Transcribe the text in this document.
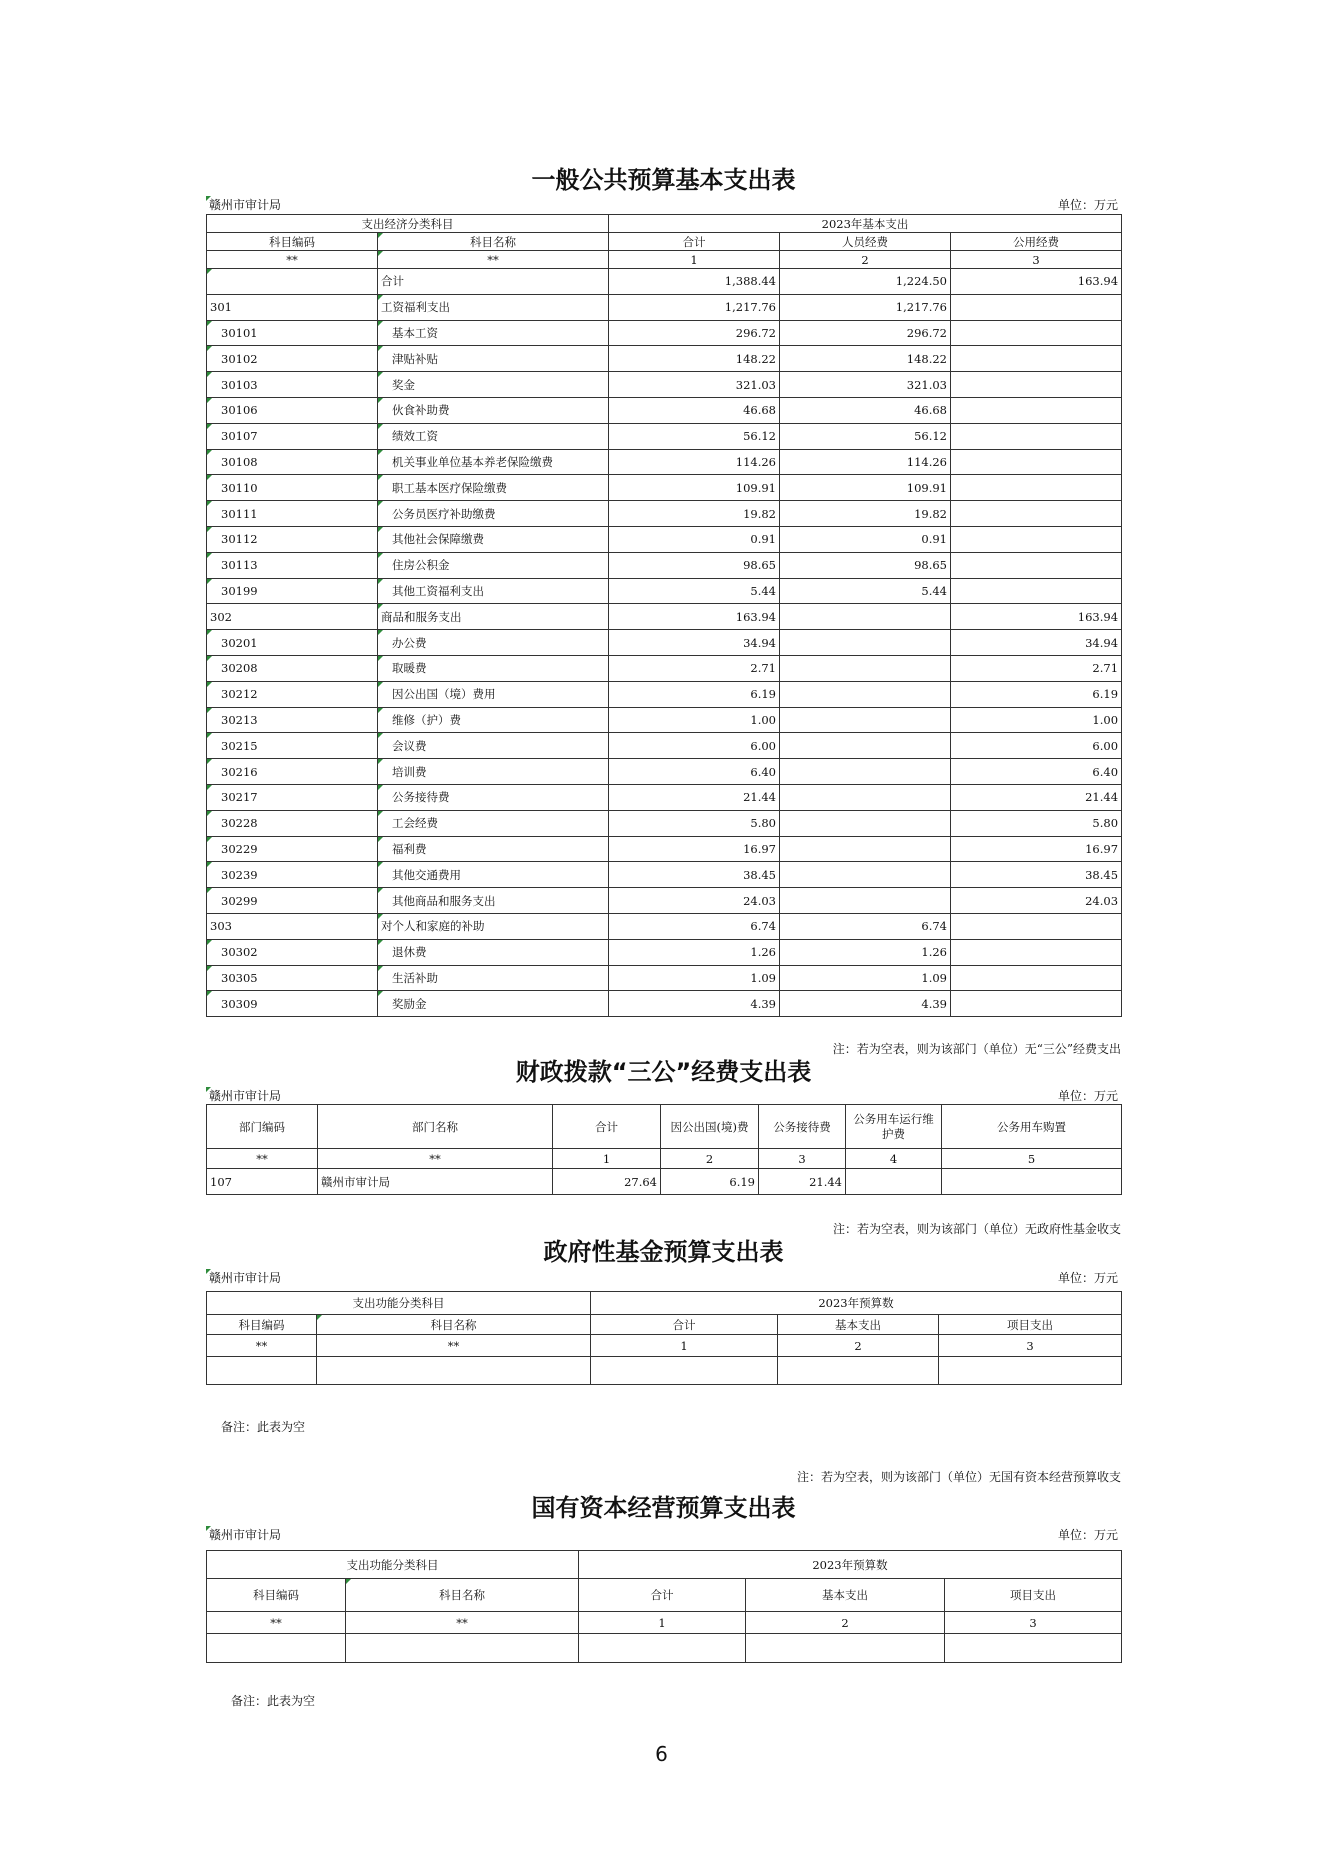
一般公共预算基本支出表
赣州市审计局	单位：万元
支出经济分类科目		2023年基本支出		
科目编码	科目名称	合计	人员经费	公用经费
**	**	1	2	3

	合计	1,388.44	1,224.50	163.94
301	工资福利支出	1,217.76	1,217.76	

30101	基本工资	296.72	296.72	

30102	津贴补贴	148.22	148.22	

30103	奖金	321.03	321.03	

30106	伙食补助费	46.68	46.68	

30107	绩效工资	56.12	56.12	

30108	机关事业单位基本养老保险缴费	114.26	114.26	

30110	职工基本医疗保险缴费	109.91	109.91	

30111	公务员医疗补助缴费	19.82	19.82	

30112	其他社会保障缴费	0.91	0.91	

30113	住房公积金	98.65	98.65	

30199	其他工资福利支出	5.44	5.44	
302	商品和服务支出	163.94		163.94

30201	办公费	34.94		34.94

30208	取暖费	2.71		2.71

30212	因公出国（境）费用	6.19		6.19

30213	维修（护）费	1.00		1.00

30215	会议费	6.00		6.00

30216	培训费	6.40		6.40

30217	公务接待费	21.44		21.44

30228	工会经费	5.80		5.80

30229	福利费	16.97		16.97

30239	其他交通费用	38.45		38.45

30299	其他商品和服务支出	24.03		24.03
303	对个人和家庭的补助	6.74	6.74	

30302	退休费	1.26	1.26	

30305	生活补助	1.09	1.09	

30309	奖励金	4.39	4.39	
注：若为空表，则为该部门（单位）无“三公”经费支出
财政拨款“三公”经费支出表
赣州市审计局	单位：万元
部门编码	部门名称	合计	因公出国(境)费	公务接待费	公务用车运行维护费	公务用车购置
**	**	1	2	3	4	5
107	赣州市审计局	27.64	6.19	21.44		
注：若为空表，则为该部门（单位）无政府性基金收支
政府性基金预算支出表
赣州市审计局	单位：万元
支出功能分类科目		2023年预算数		
科目编码	科目名称	合计	基本支出	项目支出
**	**	1	2	3

备注：此表为空
注：若为空表，则为该部门（单位）无国有资本经营预算收支
国有资本经营预算支出表
赣州市审计局	单位：万元
支出功能分类科目		2023年预算数		
科目编码	科目名称	合计	基本支出	项目支出
**	**	1	2	3

备注：此表为空
6
